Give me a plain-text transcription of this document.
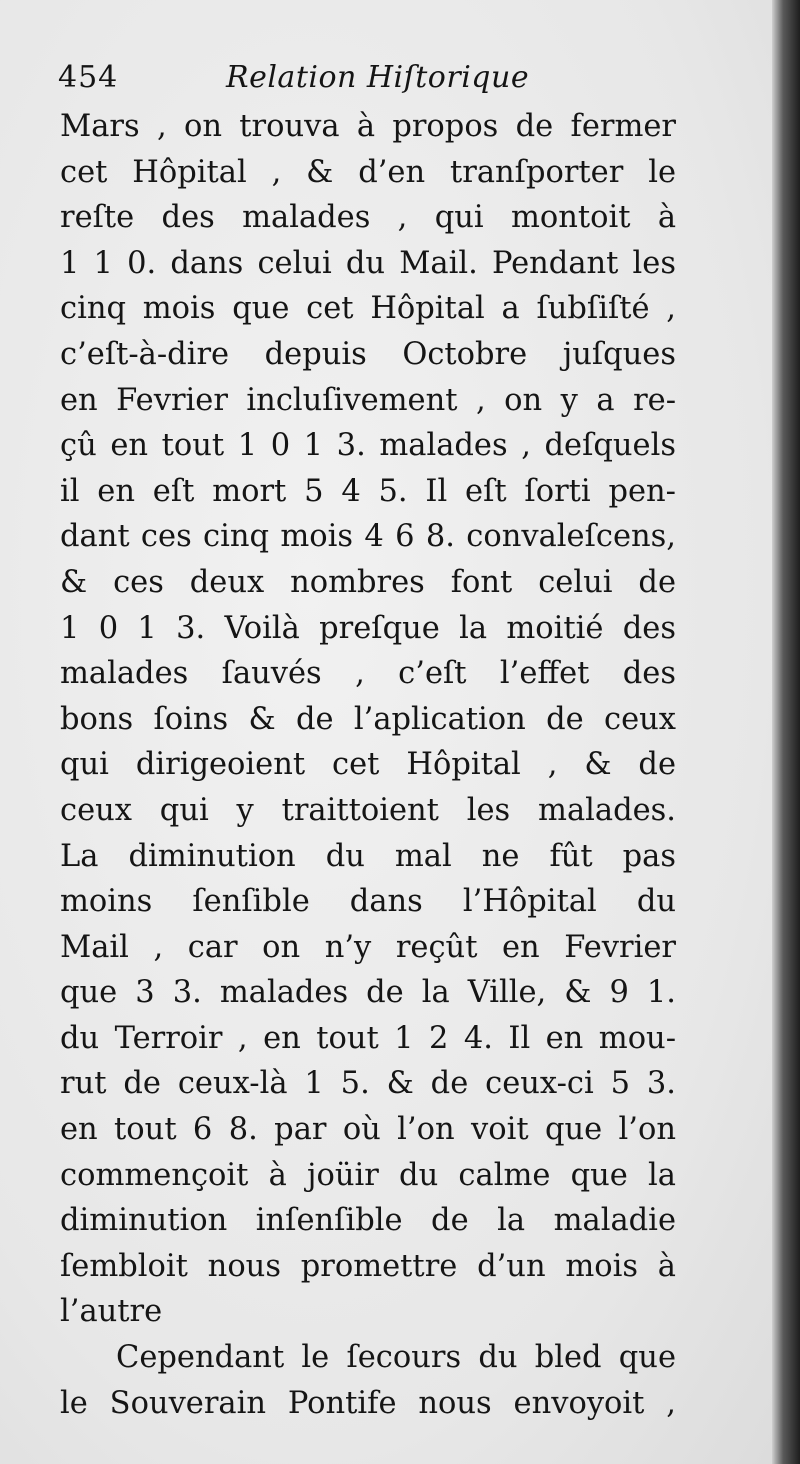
454	Relation Hiſtorique
Mars , on trouva à propos de fermer
cet Hôpital , & d’en tranſporter le
reſte des malades , qui montoit à
1 1 0. dans celui du Mail. Pendant les
cinq mois que cet Hôpital a ſubſiſté ,
c’eſt-à-dire depuis Octobre juſques
en Fevrier incluſivement , on y a re-
çû en tout 1 0 1 3. malades , deſquels
il en eſt mort 5 4 5. Il eſt ſorti pen-
dant ces cinq mois 4 6 8. convaleſcens,
& ces deux nombres font celui de
1 0 1 3. Voilà preſque la moitié des
malades ſauvés , c’eſt l’effet des
bons ſoins & de l’aplication de ceux
qui dirigeoient cet Hôpital , & de
ceux qui y traittoient les malades.
La diminution du mal ne fût pas
moins ſenſible dans l’Hôpital du
Mail , car on n’y reçût en Fevrier
que 3 3. malades de la Ville, & 9 1.
du Terroir , en tout 1 2 4. Il en mou-
rut de ceux-là 1 5. & de ceux-ci 5 3.
en tout 6 8. par où l’on voit que l’on
commençoit à joüir du calme que la
diminution inſenſible de la maladie
ſembloit nous promettre d’un mois à
l’autre
Cependant le ſecours du bled que
le Souverain Pontife nous envoyoit ,
